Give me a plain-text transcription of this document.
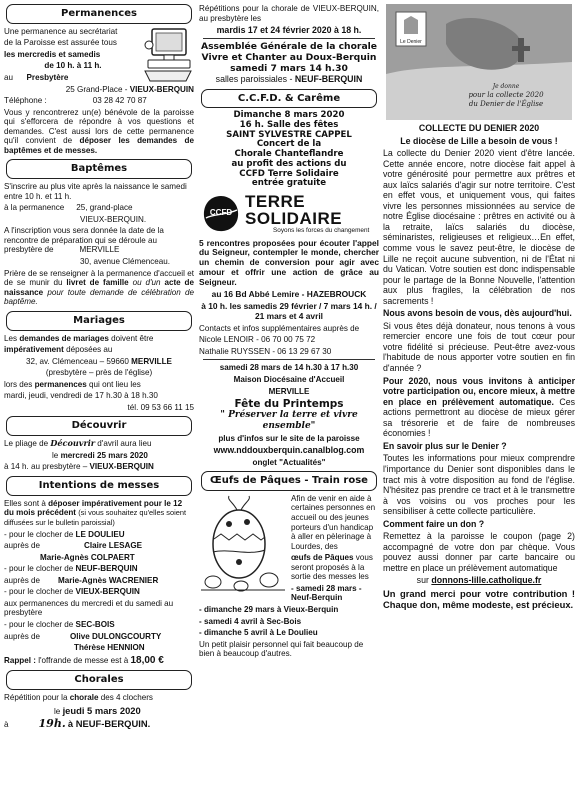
Permanences

Une permanence au secrétariat

de la Paroisse est assurée tous

les mercredis et samedis

de 10 h. à 11 h.

au Presbytère

25 Grand-Place - VIEUX-BERQUIN

Téléphone :	03 28 42 70 87

Vous y rencontrerez un(e) bénévole de la paroisse qui s'efforcera de répondre à vos questions et demandes. C'est aussi lors de cette permanence qu'il convient de déposer les demandes de baptêmes et de messes.

Baptêmes

S'inscrire au plus vite après la naissance le samedi entre 10 h. et 11 h.

à la permanence 25, grand-place

VIEUX-BERQUIN.

A l'inscription vous sera donnée la date de la rencontre de préparation qui se déroule au presbytère de	MERVILLE

30, avenue Clémenceau.

Prière de se renseigner à la permanence d'accueil et de se munir du livret de famille ou d'un acte de naissance pour toute demande de célébration de baptême.

Mariages

Les demandes de mariages doivent être

impérativement déposées au

32, av. Clémenceau – 59660 MERVILLE

(presbytère – près de l'église)

lors des permanences qui ont lieu les

mardi, jeudi, vendredi de 17 h.30 à 18 h.30

tél. 09 53 66 11 15

Découvrir

Le pliage de Découvrir d'avril aura lieu

le mercredi 25 mars 2020

à 14 h. au presbytère – VIEUX-BERQUIN

Intentions de messes

Elles sont à déposer impérativement pour le 12 du mois précédent (si vous souhaitez qu'elles soient diffusées sur le bulletin paroissial)

- pour le clocher de LE DOULIEU

auprès de	Claire LESAGE

Marie-Agnès COLPAERT

- pour le clocher de NEUF-BERQUIN

auprès de Marie-Agnès WACRENIER

- pour le clocher de VIEUX-BERQUIN

aux permanences du mercredi et du samedi au presbytère

- pour le clocher de SEC-BOIS

auprès de	Olive DULONGCOURTY

Thérèse HENNION

Rappel : l'offrande de messe est à 18,00 €

Chorales

Répétition pour la chorale des 4 clochers

le jeudi 5 mars 2020

à	19h. à NEUF-BERQUIN.

Répétitions pour la chorale de VIEUX-BERQUIN, au presbytère les

mardis 17 et 24 février 2020 à 18 h.

Assemblée Générale de la chorale
Vivre et Chanter au Doux-Berquin
samedi 7 mars 14 h.30

salles paroissiales - NEUF-BERQUIN

C.C.F.D. & Carême
Dimanche 8 mars 2020
16 h. Salle des fêtes
SAINT SYLVESTRE CAPPEL
Concert de la
Chorale Chanteflandre
au profit des actions du
CCFD Terre Solidaire
entrée gratuite
CCFD
TERRE
SOLIDAIRE
Soyons les forces du changement

5 rencontres proposées pour écouter l'appel du Seigneur, contempler le monde, chercher un chemin de conversion pour agir avec amour et offrir une action de grâce au Seigneur.

au 16 Bd Abbé Lemire - HAZEBROUCK

à 10 h. les samedis 29 février / 7 mars 14 h. / 21 mars et 4 avril

Contacts et infos supplémentaires auprès de

Nicole LENOIR - 06 70 00 75 72

Nathalie RUYSSEN - 06 13 29 67 30

samedi 28 mars de 14 h.30 à 17 h.30

Maison Diocésaine d'Accueil

MERVILLE

Fête du Printemps

" Préserver la terre et vivre ensemble"

plus d'infos sur le site de la paroisse

www.nddouxberquin.canalblog.com

onglet "Actualités"

Œufs de Pâques - Train rose

Afin de venir en aide à certaines personnes en accueil ou des jeunes porteurs d'un handicap à aller en pèlerinage à Lourdes, des

œufs de Pâques vous seront proposés à la sortie des messes les

- samedi 28 mars - Neuf-Berquin

- dimanche 29 mars à Vieux-Berquin

- samedi 4 avril à Sec-Bois

- dimanche 5 avril à Le Doulieu

Un petit plaisir personnel qui fait beaucoup de bien à beaucoup d'autres.

Le Denier
Je donne
pour la collecte 2020
du Denier de l'Église

COLLECTE DU DENIER 2020

Le diocèse de Lille a besoin de vous !

La collecte du Denier 2020 vient d'être lancée. Cette année encore, notre diocèse fait appel à votre générosité pour permettre aux prêtres et aux laïcs salariés d'agir sur notre territoire. C'est en effet vous, et uniquement vous, qui faites vivre les personnes missionnées au service de notre Église diocésaine : prêtres en activité ou à la retraite, laïcs salariés du diocèse, séminaristes, religieuses et religieux…En effet, comme vous le savez peut-être, le diocèse de Lille ne reçoit aucune subvention, ni de l'État ni du Vatican. Votre soutien est donc indispensable pour le partage de la Bonne Nouvelle, l'attention aux plus fragiles, la célébration de nos sacrements !

Nous avons besoin de vous, dès aujourd'hui.

Si vous êtes déjà donateur, nous tenons à vous remercier encore une fois de tout cœur pour votre fidélité si précieuse. Peut-être avez-vous l'habitude de nous apporter votre soutien en fin d'année ?

Pour 2020, nous vous invitons à anticiper votre participation ou, encore mieux, à mettre en place en prélèvement automatique. Ces actions permettront au diocèse de mieux gérer sa trésorerie et de faire de nombreuses économies !

En savoir plus sur le Denier ?

Toutes les informations pour mieux comprendre l'importance du Denier sont disponibles dans le tract mis à votre disposition au fond de l'église. N'hésitez pas prendre ce tract et à le transmettre à vos voisins ou vos proches pour les sensibiliser à cette collecte particulière.

Comment faire un don ?

Remettez à la paroisse le coupon (page 2) accompagné de votre don par chèque. Vous pouvez aussi donner par carte bancaire ou mettre en place un prélèvement automatique

sur donnons-lille.catholique.fr

Un grand merci pour votre contribution ! Chaque don, même modeste, est précieux.
